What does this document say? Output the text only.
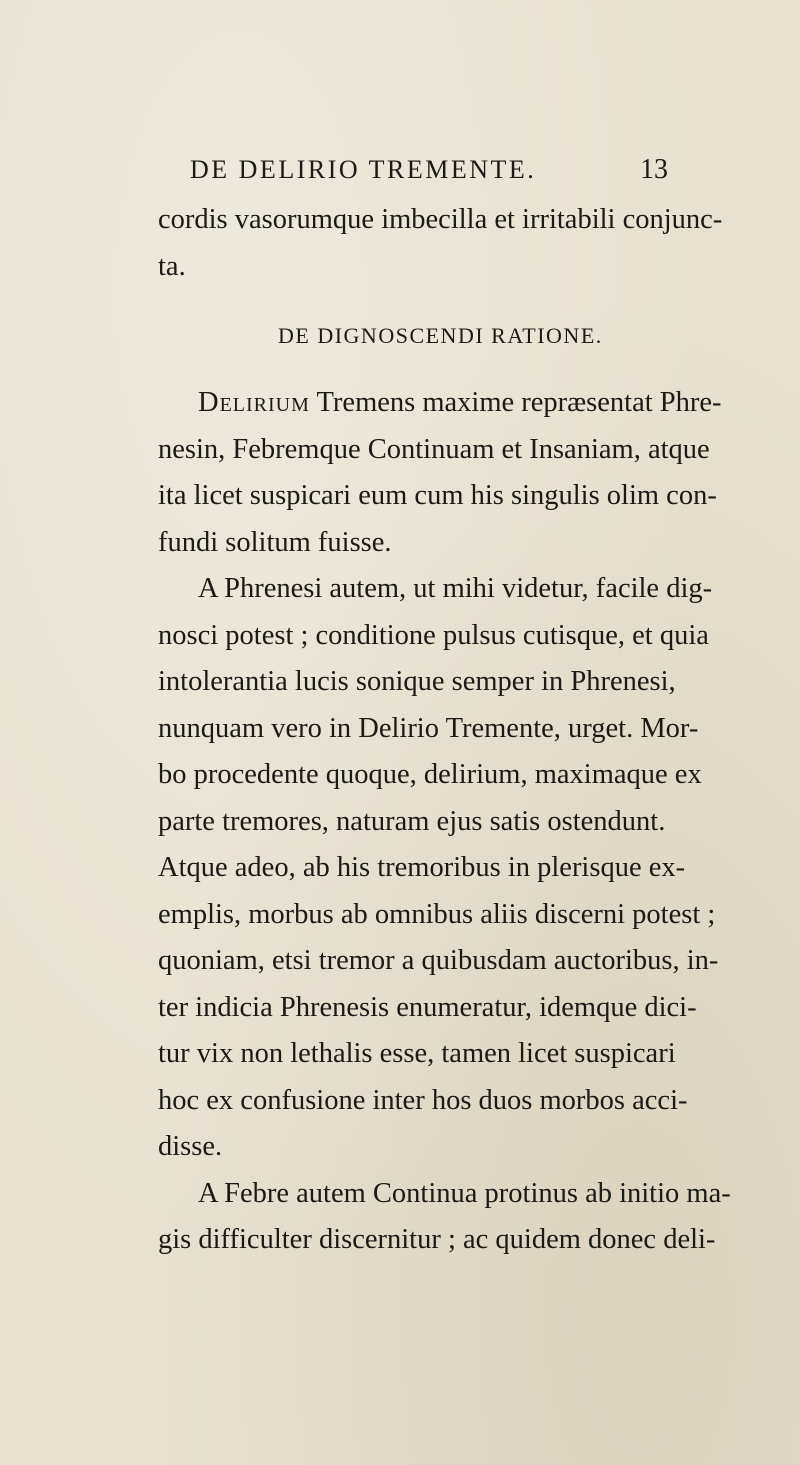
DE DELIRIO TREMENTE.	13

cordis vasorumque imbecilla et irritabili conjunc-
ta.

DE DIGNOSCENDI RATIONE.

Delirium Tremens maxime repræsentat Phre-
nesin, Febremque Continuam et Insaniam, atque
ita licet suspicari eum cum his singulis olim con-
fundi solitum fuisse.

A Phrenesi autem, ut mihi videtur, facile dig-
nosci potest ; conditione pulsus cutisque, et quia
intolerantia lucis sonique semper in Phrenesi,
nunquam vero in Delirio Tremente, urget. Mor-
bo procedente quoque, delirium, maximaque ex
parte tremores, naturam ejus satis ostendunt.
Atque adeo, ab his tremoribus in plerisque ex-
emplis, morbus ab omnibus aliis discerni potest ;
quoniam, etsi tremor a quibusdam auctoribus, in-
ter indicia Phrenesis enumeratur, idemque dici-
tur vix non lethalis esse, tamen licet suspicari
hoc ex confusione inter hos duos morbos acci-
disse.

A Febre autem Continua protinus ab initio ma-
gis difficulter discernitur ; ac quidem donec deli-
